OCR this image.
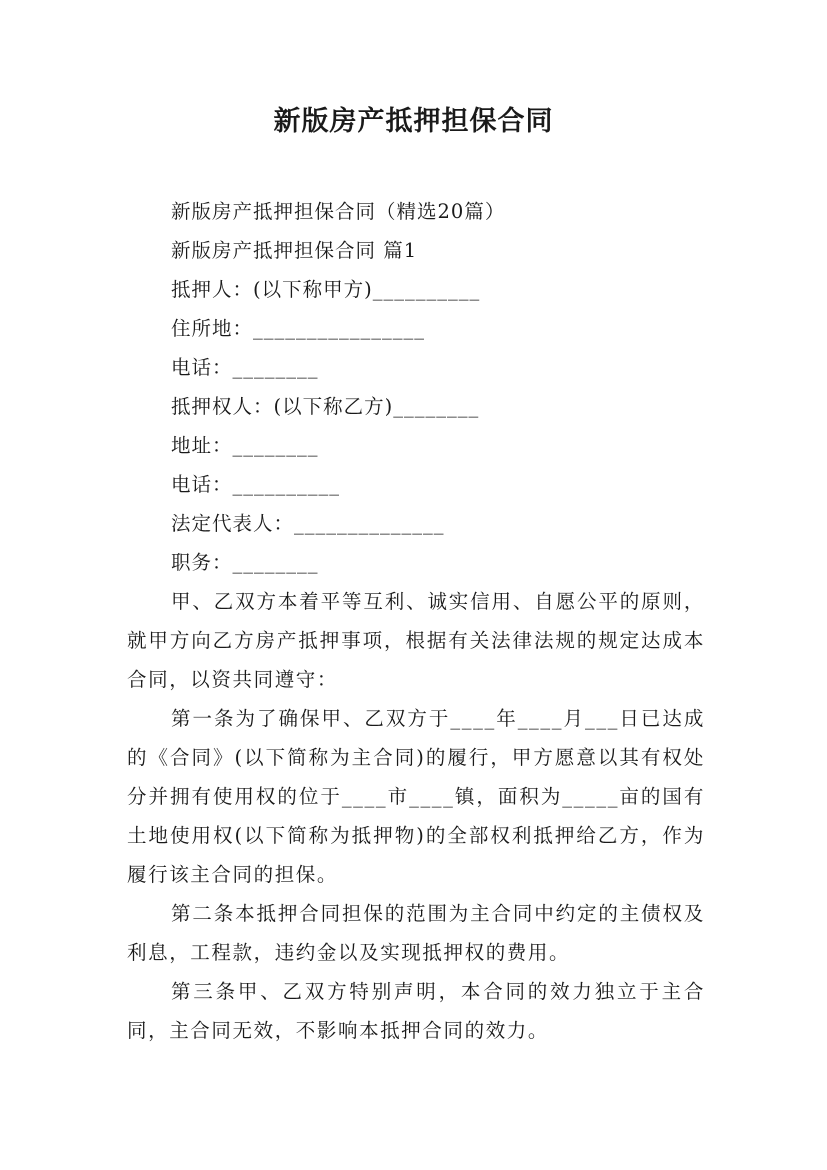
新版房产抵押担保合同
新版房产抵押担保合同（精选20篇）
新版房产抵押担保合同 篇1
抵押人：(以下称甲方)__________
住所地：________________
电话：________
抵押权人：(以下称乙方)________
地址：________
电话：__________
法定代表人：______________
职务：________
甲、乙双方本着平等互利、诚实信用、自愿公平的原则，就甲方向乙方房产抵押事项，根据有关法律法规的规定达成本合同，以资共同遵守：
第一条为了确保甲、乙双方于____年____月___日已达成的《合同》(以下简称为主合同)的履行，甲方愿意以其有权处分并拥有使用权的位于____市____镇，面积为_____亩的国有土地使用权(以下简称为抵押物)的全部权利抵押给乙方，作为履行该主合同的担保。
第二条本抵押合同担保的范围为主合同中约定的主债权及利息，工程款，违约金以及实现抵押权的费用。
第三条甲、乙双方特别声明，本合同的效力独立于主合同，主合同无效，不影响本抵押合同的效力。
